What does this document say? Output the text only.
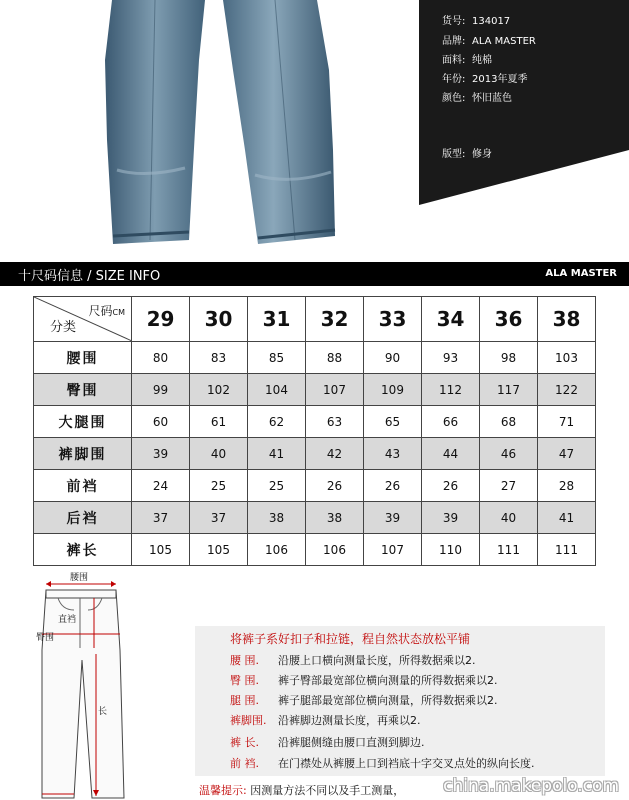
货号: 134017
品牌: ALA MASTER
面料: 纯棉
年份: 2013年夏季
颜色: 怀旧蓝色
版型: 修身
十尺码信息 / SIZE INFO	ALA MASTER
尺码CM
分类	29	30	31	32	33	34	36	38
腰围	80	83	85	88	90	93	98	103
臀围	99	102	104	107	109	112	117	122
大腿围	60	61	62	63	65	66	68	71
裤脚围	39	40	41	42	43	44	46	47
前裆	24	25	25	26	26	26	27	28
后裆	37	37	38	38	39	39	40	41
裤长	105	105	106	106	107	110	111	111
腰围
直裆
臀围
长
将裤子系好扣子和拉链，程自然状态放松平铺
腰 围. 沿腰上口横向测量长度，所得数据乘以2.
臀 围. 裤子臀部最宽部位横向测量的所得数据乘以2.
腿 围. 裤子腿部最宽部位横向测量，所得数据乘以2.
裤脚围. 沿裤脚边测量长度，再乘以2.
裤 长. 沿裤腿侧缝由腰口直测到脚边.
前 裆. 在门襟处从裤腰上口到裆底十字交叉点处的纵向长度.
温馨提示: 因测量方法不同以及手工测量， china.makepolo.com
